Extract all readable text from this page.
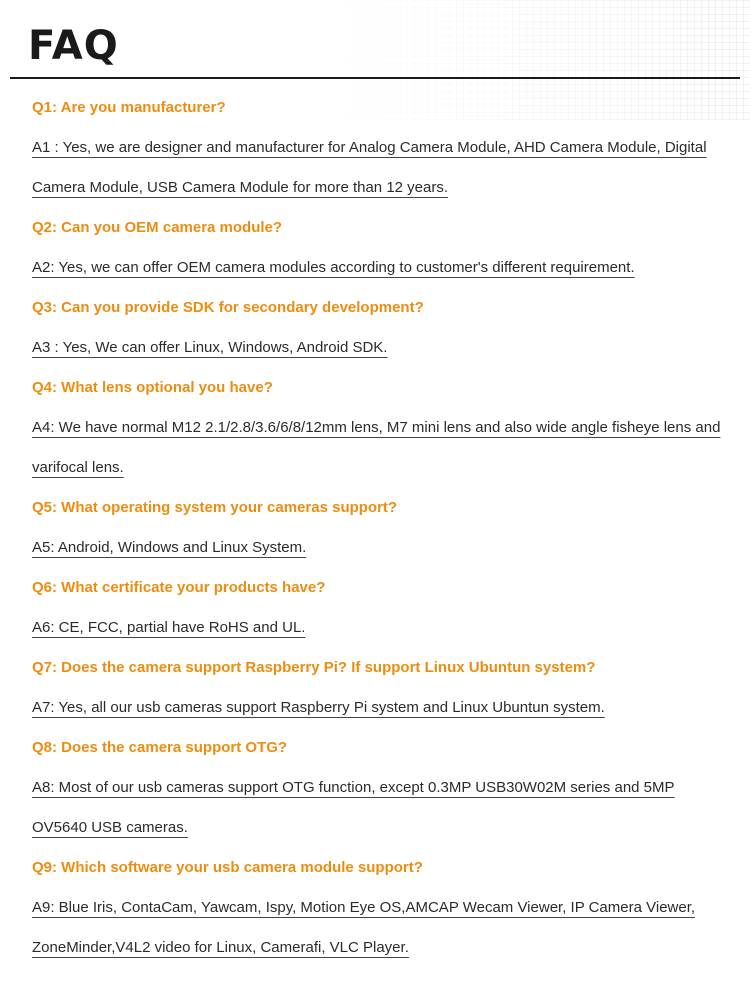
FAQ
Q1: Are you manufacturer?
A1 : Yes, we are designer and manufacturer for Analog Camera Module, AHD Camera Module, Digital Camera Module, USB Camera Module for more than 12 years.
Q2: Can you OEM camera module?
A2: Yes, we can offer OEM camera modules according to customer's different requirement.
Q3: Can you provide SDK for secondary development?
A3 : Yes, We can offer Linux, Windows, Android SDK.
Q4: What lens optional you have?
A4: We have normal M12 2.1/2.8/3.6/6/8/12mm lens, M7 mini lens and also wide angle fisheye lens and varifocal lens.
Q5: What operating system your cameras support?
A5: Android, Windows and Linux System.
Q6: What certificate your products have?
A6: CE, FCC, partial have RoHS and UL.
Q7: Does the camera support Raspberry Pi? If support Linux Ubuntun system?
A7: Yes, all our usb cameras support Raspberry Pi system and Linux Ubuntun system.
Q8: Does the camera support OTG?
A8: Most of our usb cameras support OTG function, except 0.3MP USB30W02M series and 5MP OV5640 USB cameras.
Q9: Which software your usb camera module support?
A9: Blue Iris, ContaCam, Yawcam, Ispy, Motion Eye OS,AMCAP Wecam Viewer, IP Camera Viewer, ZoneMinder,V4L2 video for Linux, Camerafi, VLC Player.
